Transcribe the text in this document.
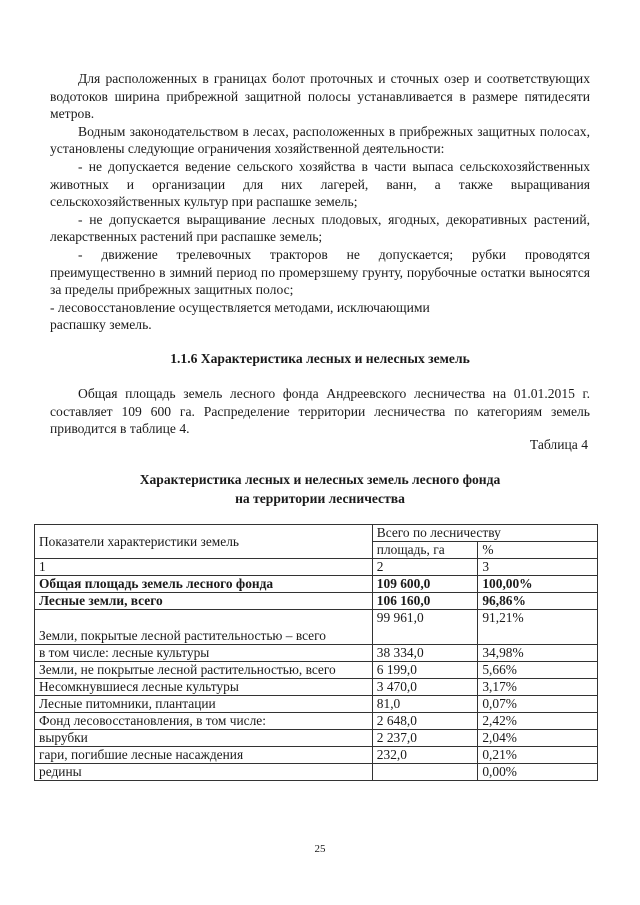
Для расположенных в границах болот проточных и сточных озер и соответствующих водотоков ширина прибрежной защитной полосы устанавливается в размере пятидесяти метров.

Водным законодательством в лесах, расположенных в прибрежных защитных полосах, установлены следующие ограничения хозяйственной деятельности:

- не допускается ведение сельского хозяйства в части выпаса сельскохозяйственных животных и организации для них лагерей, ванн, а также выращивания сельскохозяйственных культур при распашке земель;

- не допускается выращивание лесных плодовых, ягодных, декоративных растений, лекарственных растений при распашке земель;

- движение трелевочных тракторов не допускается; рубки проводятся преимущественно в зимний период по промерзшему грунту, порубочные остатки выносятся за пределы прибрежных защитных полос;

- лесовосстановление осуществляется методами, исключающими

распашку земель.

1.1.6 Характеристика лесных и нелесных земель

Общая площадь земель лесного фонда Андреевского лесничества на 01.01.2015 г. составляет 109 600 га. Распределение территории лесничества по категориям земель приводится в таблице 4.

Таблица 4
Характеристика лесных и нелесных земель лесного фонда
на территории лесничества
Показатели характеристики земель	Всего по лесничеству	
	площадь, га	%
1	2	3
Общая площадь земель лесного фонда	109 600,0	100,00%
Лесные земли, всего	106 160,0	96,86%
Земли, покрытые лесной растительностью – всего	99 961,0	91,21%
в том числе: лесные культуры	38 334,0	34,98%
Земли, не покрытые лесной растительностью, всего	6 199,0	5,66%
Несомкнувшиеся лесные культуры	3 470,0	3,17%
Лесные питомники, плантации	81,0	0,07%
Фонд лесовосстановления, в том числе:	2 648,0	2,42%
вырубки	2 237,0	2,04%
гари, погибшие лесные насаждения	232,0	0,21%
редины		0,00%
25
